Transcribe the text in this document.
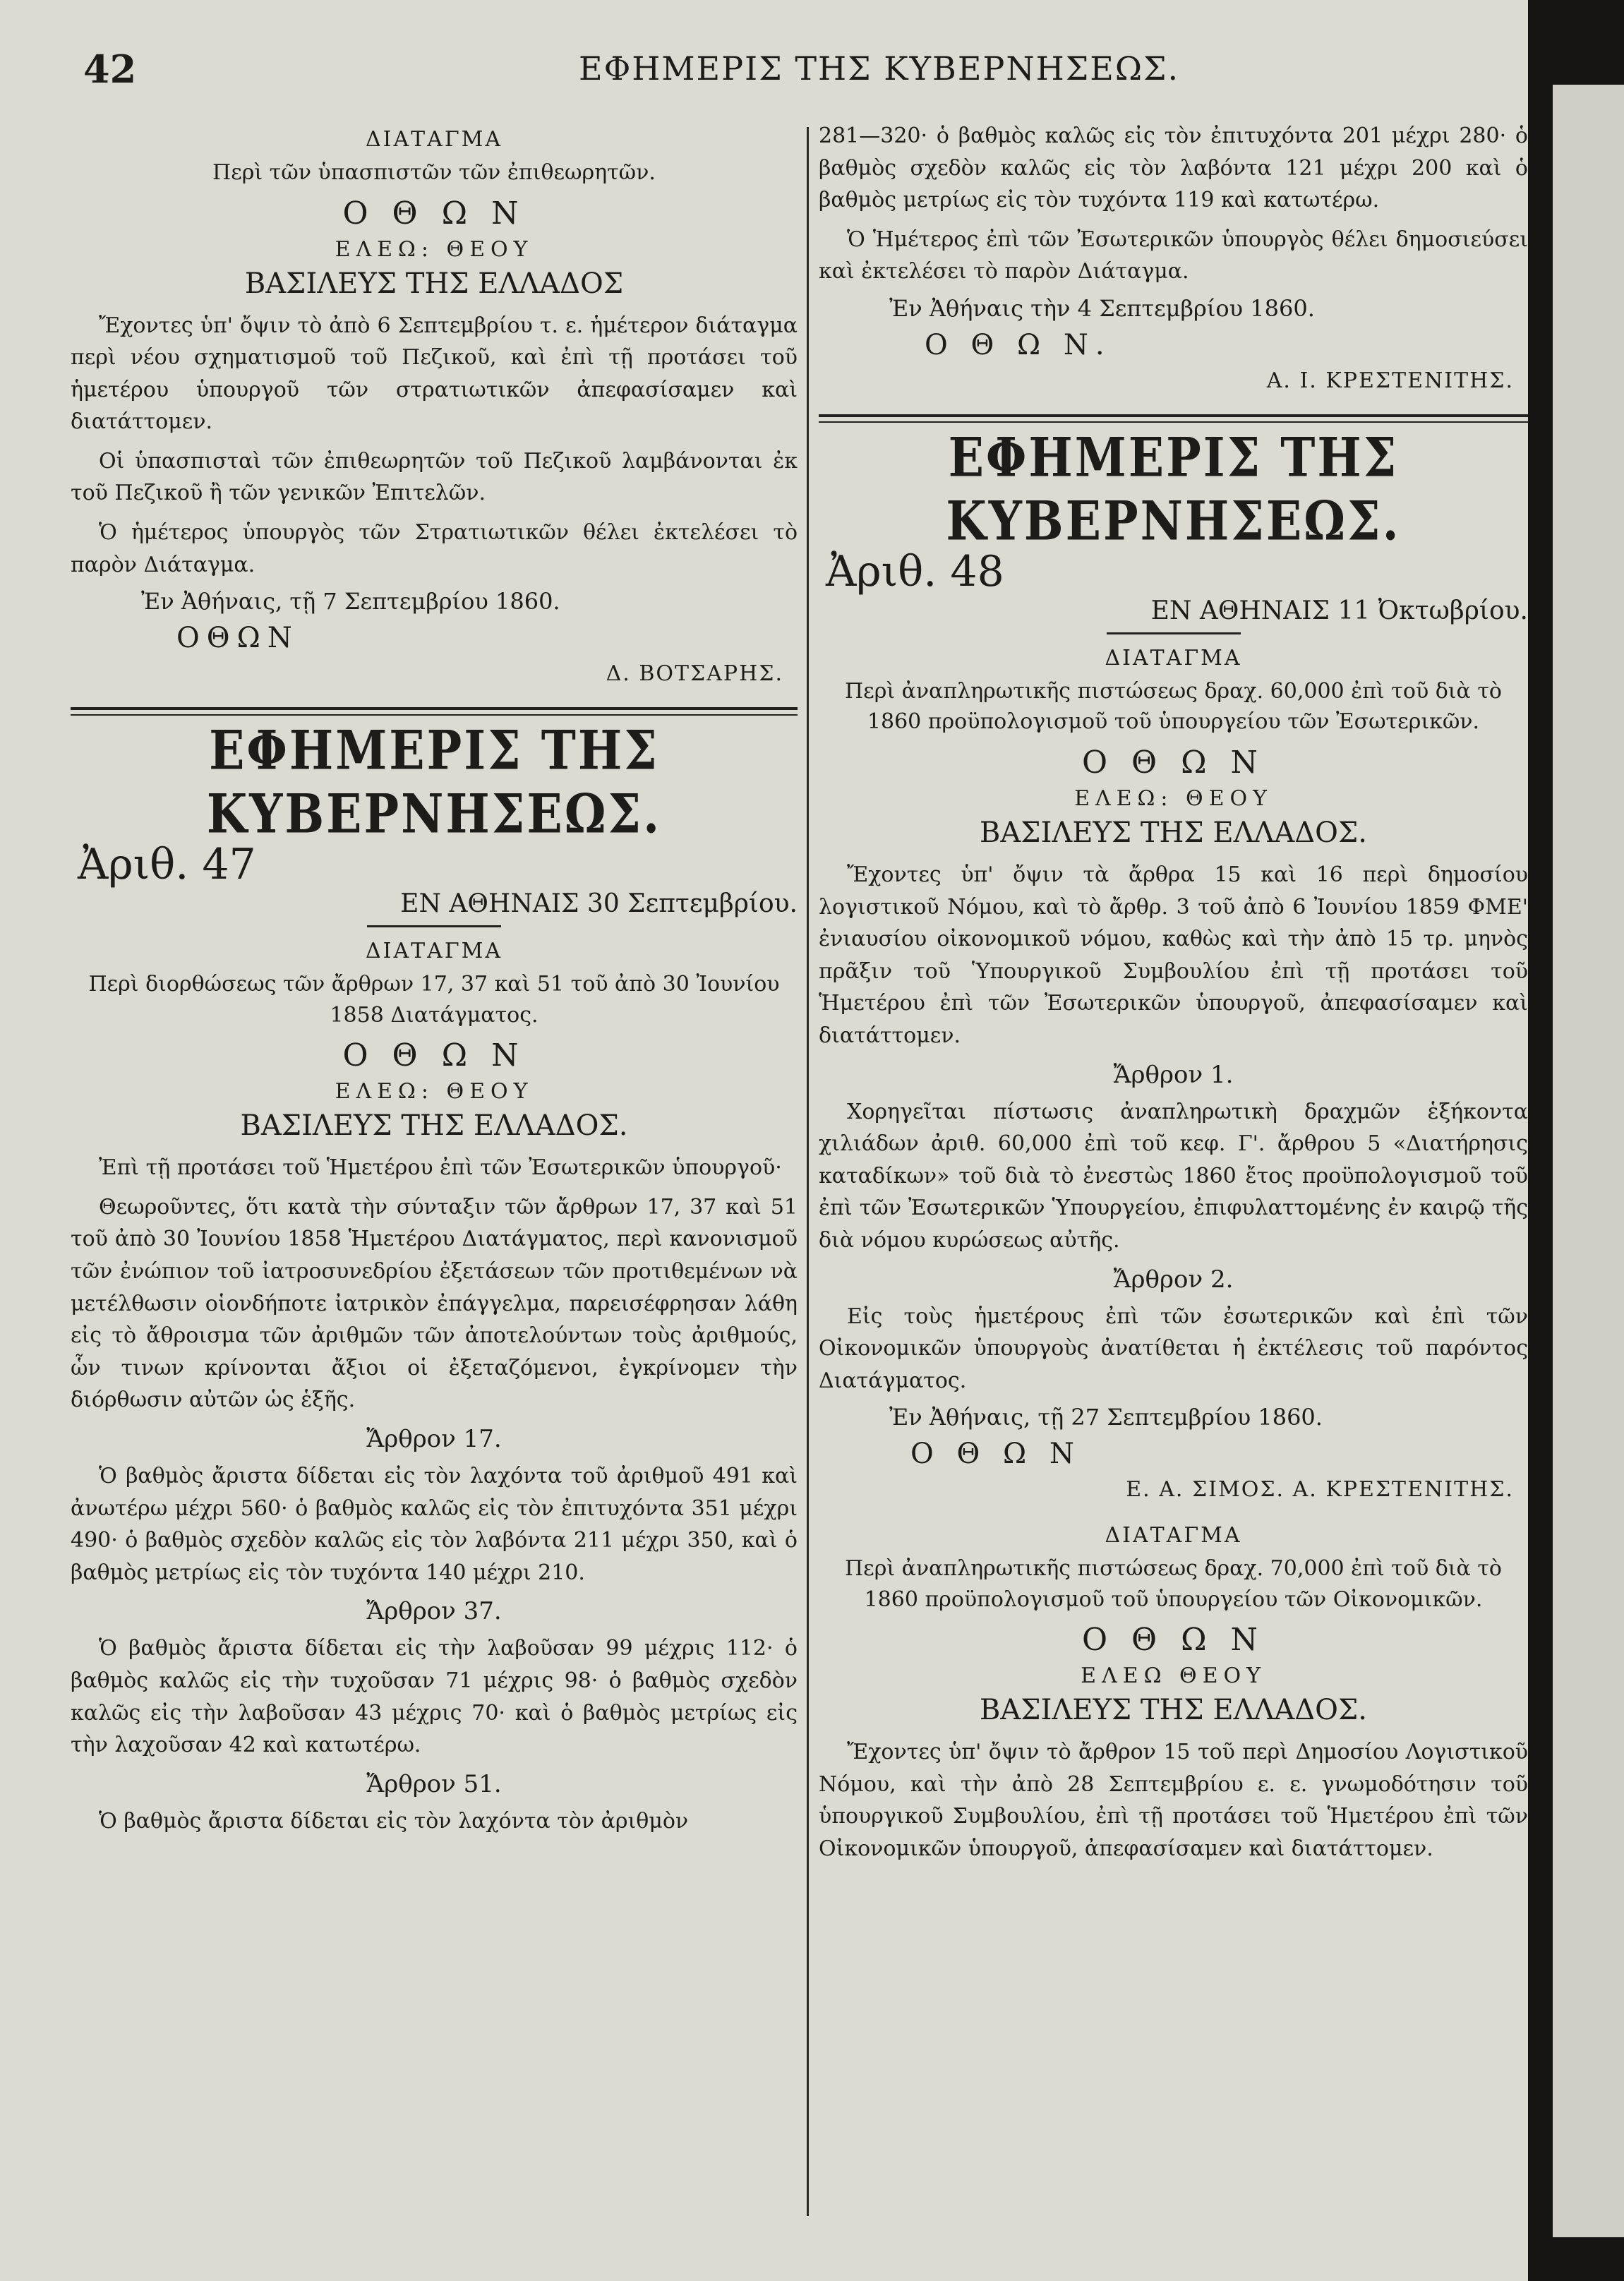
42	ΕΦΗΜΕΡΙΣ ΤΗΣ ΚΥΒΕΡΝΗΣΕΩΣ.
ΔΙΑΤΑΓΜΑ
Περὶ τῶν ὑπασπιστῶν τῶν ἐπιθεωρητῶν.
Ο Θ Ω Ν
ΕΛΕΩ: ΘΕΟΥ
ΒΑΣΙΛΕΥΣ ΤΗΣ ΕΛΛΑΔΟΣ

Ἔχοντες ὑπ' ὄψιν τὸ ἀπὸ 6 Σεπτεμβρίου τ. ε. ἡμέτερον διάταγμα περὶ νέου σχηματισμοῦ τοῦ Πεζικοῦ, καὶ ἐπὶ τῇ προτάσει τοῦ ἡμετέρου ὑπουργοῦ τῶν στρατιωτικῶν ἀπεφασίσαμεν καὶ διατάττομεν.

Οἱ ὑπασπισταὶ τῶν ἐπιθεωρητῶν τοῦ Πεζικοῦ λαμβάνονται ἐκ τοῦ Πεζικοῦ ἢ τῶν γενικῶν Ἐπιτελῶν.

Ὁ ἡμέτερος ὑπουργὸς τῶν Στρατιωτικῶν θέλει ἐκτελέσει τὸ παρὸν Διάταγμα.

Ἐν Ἀθήναις, τῇ 7 Σεπτεμβρίου 1860.
ΟΘΩΝ
Δ. ΒΟΤΣΑΡΗΣ.
ΕΦΗΜΕΡΙΣ ΤΗΣ ΚΥΒΕΡΝΗΣΕΩΣ.
Ἀριθ. 47
ΕΝ ΑΘΗΝΑΙΣ 30 Σεπτεμβρίου.
ΔΙΑΤΑΓΜΑ
Περὶ διορθώσεως τῶν ἄρθρων 17, 37 καὶ 51 τοῦ ἀπὸ 30 Ἰουνίου 1858 Διατάγματος.
Ο Θ Ω Ν
ΕΛΕΩ: ΘΕΟΥ
ΒΑΣΙΛΕΥΣ ΤΗΣ ΕΛΛΑΔΟΣ.

Ἐπὶ τῇ προτάσει τοῦ Ἡμετέρου ἐπὶ τῶν Ἐσωτερικῶν ὑπουργοῦ·

Θεωροῦντες, ὅτι κατὰ τὴν σύνταξιν τῶν ἄρθρων 17, 37 καὶ 51 τοῦ ἀπὸ 30 Ἰουνίου 1858 Ἡμετέρου Διατάγματος, περὶ κανονισμοῦ τῶν ἐνώπιον τοῦ ἰατροσυνεδρίου ἐξετάσεων τῶν προτιθεμένων νὰ μετέλθωσιν οἱονδήποτε ἰατρικὸν ἐπάγγελμα, παρεισέφρησαν λάθη εἰς τὸ ἄθροισμα τῶν ἀριθμῶν τῶν ἀποτελούντων τοὺς ἀριθμούς, ὧν τινων κρίνονται ἄξιοι οἱ ἐξεταζόμενοι, ἐγκρίνομεν τὴν διόρθωσιν αὐτῶν ὡς ἑξῆς.

Ἄρθρον 17.

Ὁ βαθμὸς ἄριστα δίδεται εἰς τὸν λαχόντα τοῦ ἀριθμοῦ 491 καὶ ἀνωτέρω μέχρι 560· ὁ βαθμὸς καλῶς εἰς τὸν ἐπιτυχόντα 351 μέχρι 490· ὁ βαθμὸς σχεδὸν καλῶς εἰς τὸν λαβόντα 211 μέχρι 350, καὶ ὁ βαθμὸς μετρίως εἰς τὸν τυχόντα 140 μέχρι 210.

Ἄρθρον 37.

Ὁ βαθμὸς ἄριστα δίδεται εἰς τὴν λαβοῦσαν 99 μέχρις 112· ὁ βαθμὸς καλῶς εἰς τὴν τυχοῦσαν 71 μέχρις 98· ὁ βαθμὸς σχεδὸν καλῶς εἰς τὴν λαβοῦσαν 43 μέχρις 70· καὶ ὁ βαθμὸς μετρίως εἰς τὴν λαχοῦσαν 42 καὶ κατωτέρω.

Ἄρθρον 51.

Ὁ βαθμὸς ἄριστα δίδεται εἰς τὸν λαχόντα τὸν ἀριθμὸν

281—320· ὁ βαθμὸς καλῶς εἰς τὸν ἐπιτυχόντα 201 μέχρι 280· ὁ βαθμὸς σχεδὸν καλῶς εἰς τὸν λαβόντα 121 μέχρι 200 καὶ ὁ βαθμὸς μετρίως εἰς τὸν τυχόντα 119 καὶ κατωτέρω.

Ὁ Ἡμέτερος ἐπὶ τῶν Ἐσωτερικῶν ὑπουργὸς θέλει δημοσιεύσει καὶ ἐκτελέσει τὸ παρὸν Διάταγμα.

Ἐν Ἀθήναις τὴν 4 Σεπτεμβρίου 1860.
Ο Θ Ω Ν.
Α. Ι. ΚΡΕΣΤΕΝΙΤΗΣ.
ΕΦΗΜΕΡΙΣ ΤΗΣ ΚΥΒΕΡΝΗΣΕΩΣ.
Ἀριθ. 48
ΕΝ ΑΘΗΝΑΙΣ 11 Ὀκτωβρίου.
ΔΙΑΤΑΓΜΑ
Περὶ ἀναπληρωτικῆς πιστώσεως δραχ. 60,000 ἐπὶ τοῦ διὰ τὸ 1860 προϋπολογισμοῦ τοῦ ὑπουργείου τῶν Ἐσωτερικῶν.
Ο Θ Ω Ν
ΕΛΕΩ: ΘΕΟΥ
ΒΑΣΙΛΕΥΣ ΤΗΣ ΕΛΛΑΔΟΣ.

Ἔχοντες ὑπ' ὄψιν τὰ ἄρθρα 15 καὶ 16 περὶ δημοσίου λογιστικοῦ Νόμου, καὶ τὸ ἄρθρ. 3 τοῦ ἀπὸ 6 Ἰουνίου 1859 ΦΜΕ' ἐνιαυσίου οἰκονομικοῦ νόμου, καθὼς καὶ τὴν ἀπὸ 15 τρ. μηνὸς πρᾶξιν τοῦ Ὑπουργικοῦ Συμβουλίου ἐπὶ τῇ προτάσει τοῦ Ἡμετέρου ἐπὶ τῶν Ἐσωτερικῶν ὑπουργοῦ, ἀπεφασίσαμεν καὶ διατάττομεν.

Ἄρθρον 1.

Χορηγεῖται πίστωσις ἀναπληρωτικὴ δραχμῶν ἑξήκοντα χιλιάδων ἀριθ. 60,000 ἐπὶ τοῦ κεφ. Γ'. ἄρθρου 5 «Διατήρησις καταδίκων» τοῦ διὰ τὸ ἐνεστὼς 1860 ἔτος προϋπολογισμοῦ τοῦ ἐπὶ τῶν Ἐσωτερικῶν Ὑπουργείου, ἐπιφυλαττομένης ἐν καιρῷ τῆς διὰ νόμου κυρώσεως αὐτῆς.

Ἄρθρον 2.

Εἰς τοὺς ἡμετέρους ἐπὶ τῶν ἐσωτερικῶν καὶ ἐπὶ τῶν Οἰκονομικῶν ὑπουργοὺς ἀνατίθεται ἡ ἐκτέλεσις τοῦ παρόντος Διατάγματος.

Ἐν Ἀθήναις, τῇ 27 Σεπτεμβρίου 1860.
Ο Θ Ω Ν
Ε. Α. ΣΙΜΟΣ. Α. ΚΡΕΣΤΕΝΙΤΗΣ.
ΔΙΑΤΑΓΜΑ
Περὶ ἀναπληρωτικῆς πιστώσεως δραχ. 70,000 ἐπὶ τοῦ διὰ τὸ 1860 προϋπολογισμοῦ τοῦ ὑπουργείου τῶν Οἰκονομικῶν.
Ο Θ Ω Ν
ΕΛΕΩ ΘΕΟΥ
ΒΑΣΙΛΕΥΣ ΤΗΣ ΕΛΛΑΔΟΣ.

Ἔχοντες ὑπ' ὄψιν τὸ ἄρθρον 15 τοῦ περὶ Δημοσίου Λογιστικοῦ Νόμου, καὶ τὴν ἀπὸ 28 Σεπτεμβρίου ε. ε. γνωμοδότησιν τοῦ ὑπουργικοῦ Συμβουλίου, ἐπὶ τῇ προτάσει τοῦ Ἡμετέρου ἐπὶ τῶν Οἰκονομικῶν ὑπουργοῦ, ἀπεφασίσαμεν καὶ διατάττομεν.
